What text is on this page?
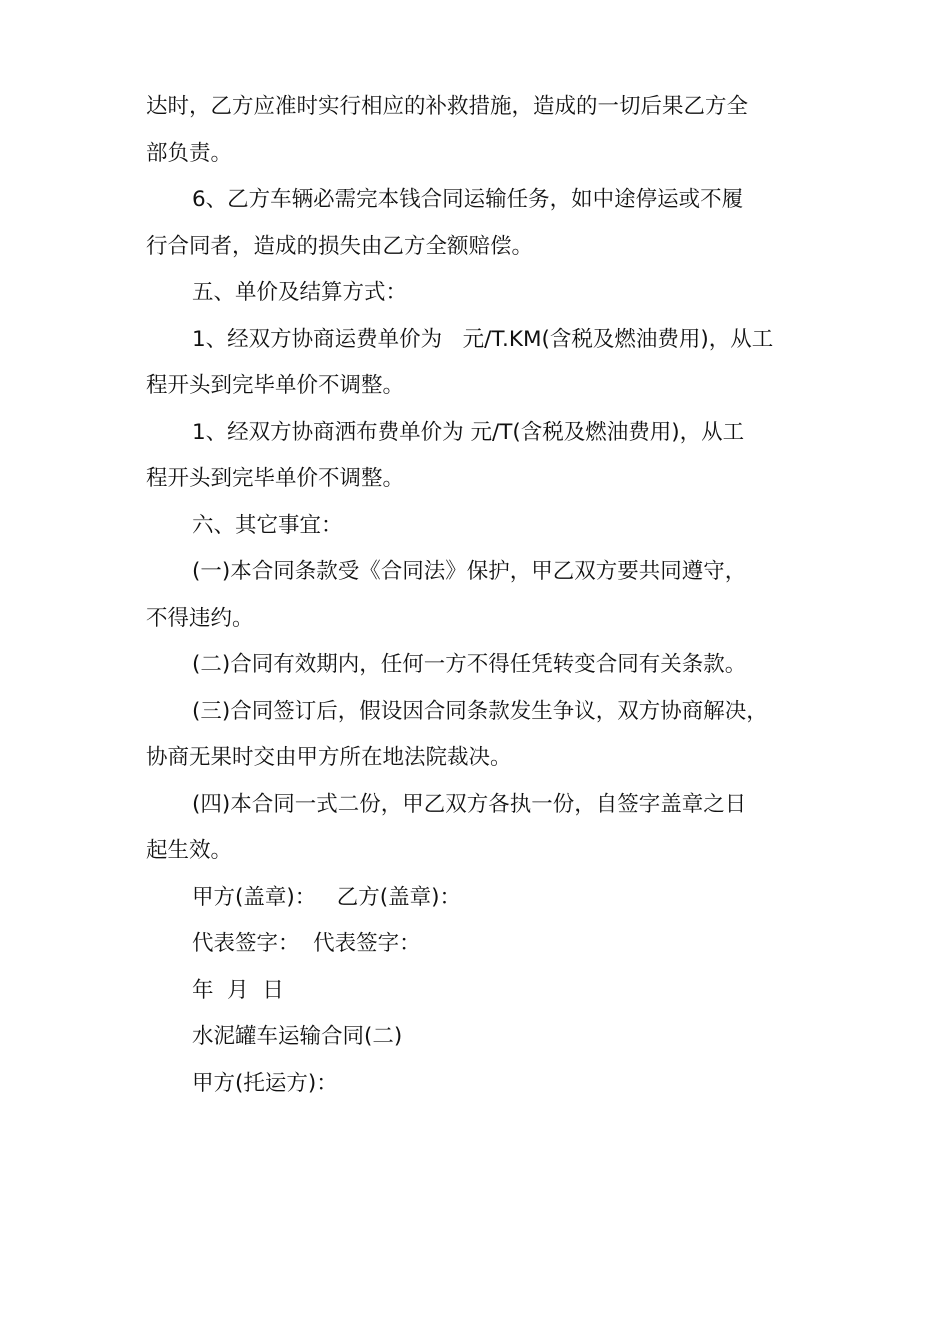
达时，乙方应准时实行相应的补救措施，造成的一切后果乙方全
部负责。

6、乙方车辆必需完本钱合同运输任务，如中途停运或不履
行合同者，造成的损失由乙方全额赔偿。

五、单价及结算方式：

1、经双方协商运费单价为   元/T.KM(含税及燃油费用)，从工
程开头到完毕单价不调整。

1、经双方协商洒布费单价为 元/T(含税及燃油费用)，从工
程开头到完毕单价不调整。

六、其它事宜：

(一)本合同条款受《合同法》保护，甲乙双方要共同遵守，
不得违约。

(二)合同有效期内，任何一方不得任凭转变合同有关条款。

(三)合同签订后，假设因合同条款发生争议，双方协商解决，
协商无果时交由甲方所在地法院裁决。

(四)本合同一式二份，甲乙双方各执一份，自签字盖章之日
起生效。

甲方(盖章)：   乙方(盖章)：

代表签字：  代表签字：

年  月  日

水泥罐车运输合同(二)

甲方(托运方)：
